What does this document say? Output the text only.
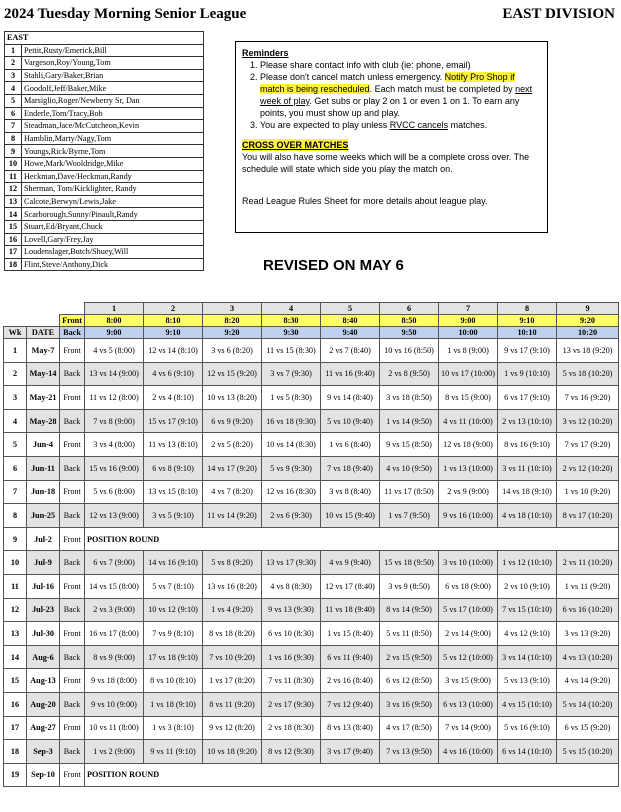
2024 Tuesday Morning Senior League	EAST DIVISION
EAST	
1	Pettit,Rusty/Emerick,Bill
2	Vargeson,Roy/Young,Tom
3	Stahli,Gary/Baker,Brian
4	Goodolf,Jeff/Baker,Mike
5	Marsiglio,Roger/Newberry Sr, Dan
6	Enderle,Tom/Tracy,Bob
7	Steadman,Jace/McCutcheon,Kevin
8	Hamblin,Marty/Nagy,Tom
9	Youngs,Rick/Byrne,Tom
10	Howe,Mark/Wooldridge,Mike
11	Heckman,Dave/Heckman,Randy
12	Sherman, Tom/Kicklighter, Randy
13	Calcote,Berwyn/Lewis,Jake
14	Scarborough,Sunny/Pinault,Randy
15	Stuart,Ed/Bryant,Chuck
16	Lovell,Gary/Frey,Jay
17	Loudenslager,Butch/Shuey,Will
18	Flint,Steve/Anthony,Dick
Reminders
1. Please share contact info with club (ie: phone, email)
2. Please don't cancel match unless emergency. Notify Pro Shop if match is being rescheduled. Each match must be completed by next week of play. Get subs or play 2 on 1 or even 1 on 1. To earn any points, you must show up and play.
3. You are expected to play unless RVCC cancels matches.
CROSS OVER MATCHES
You will also have some weeks which will be a complete cross over. The schedule will state which side you play the match on.
Read League Rules Sheet for more details about league play.
REVISED ON MAY 6
			1	2	3	4	5	6	7	8	9
		Front	8:00	8:10	8:20	8:30	8:40	8:50	9:00	9:10	9:20
Wk	DATE	Back	9:00	9:10	9:20	9:30	9:40	9:50	10:00	10:10	10:20
1	May-7	Front	4 vs 5 (8:00)	12 vs 14 (8:10)	3 vs 6 (8:20)	11 vs 15 (8:30)	2 vs 7 (8:40)	10 vs 16 (8:50)	1 vs 8 (9:00)	9 vs 17 (9:10)	13 vs 18 (9:20)
2	May-14	Back	13 vs 14 (9:00)	4 vs 6 (9:10)	12 vs 15 (9:20)	3 vs 7 (9:30)	11 vs 16 (9:40)	2 vs 8 (9:50)	10 vs 17 (10:00)	1 vs 9 (10:10)	5 vs 18 (10:20)
3	May-21	Front	11 vs 12 (8:00)	2 vs 4 (8:10)	10 vs 13 (8:20)	1 vs 5 (8:30)	9 vs 14 (8:40)	3 vs 18 (8:50)	8 vs 15 (9:00)	6 vs 17 (9:10)	7 vs 16 (9:20)
4	May-28	Back	7 vs 8 (9:00)	15 vs 17 (9:10)	6 vs 9 (9:20)	16 vs 18 (9:30)	5 vs 10 (9:40)	1 vs 14 (9:50)	4 vs 11 (10:00)	2 vs 13 (10:10)	3 vs 12 (10:20)
5	Jun-4	Front	3 vs 4 (8:00)	11 vs 13 (8:10)	2 vs 5 (8:20)	10 vs 14 (8:30)	1 vs 6 (8:40)	9 vs 15 (8:50)	12 vs 18 (9:00)	8 vs 16 (9:10)	7 vs 17 (9:20)
6	Jun-11	Back	15 vs 16 (9:00)	6 vs 8 (9:10)	14 vs 17 (9:20)	5 vs 9 (9:30)	7 vs 18 (9:40)	4 vs 10 (9:50)	1 vs 13 (10:00)	3 vs 11 (10:10)	2 vs 12 (10:20)
7	Jun-18	Front	5 vs 6 (8:00)	13 vs 15 (8:10)	4 vs 7 (8:20)	12 vs 16 (8:30)	3 vs 8 (8:40)	11 vs 17 (8:50)	2 vs 9 (9:00)	14 vs 18 (9:10)	1 vs 10 (9:20)
8	Jun-25	Back	12 vs 13 (9:00)	3 vs 5 (9:10)	11 vs 14 (9:20)	2 vs 6 (9:30)	10 vs 15 (9:40)	1 vs 7 (9:50)	9 vs 16 (10:00)	4 vs 18 (10:10)	8 vs 17 (10:20)
9	Jul-2	Front	POSITION ROUND								
10	Jul-9	Back	6 vs 7 (9:00)	14 vs 16 (9:10)	5 vs 8 (9:20)	13 vs 17 (9:30)	4 vs 9 (9:40)	15 vs 18 (9:50)	3 vs 10 (10:00)	1 vs 12 (10:10)	2 vs 11 (10:20)
11	Jul-16	Front	14 vs 15 (8:00)	5 vs 7 (8:10)	13 vs 16 (8:20)	4 vs 8 (8:30)	12 vs 17 (8:40)	3 vs 9 (8:50)	6 vs 18 (9:00)	2 vs 10 (9:10)	1 vs 11 (9:20)
12	Jul-23	Back	2 vs 3 (9:00)	10 vs 12 (9:10)	1 vs 4 (9:20)	9 vs 13 (9:30)	11 vs 18 (9:40)	8 vs 14 (9:50)	5 vs 17 (10:00)	7 vs 15 (10:10)	6 vs 16 (10:20)
13	Jul-30	Front	16 vs 17 (8:00)	7 vs 9 (8:10)	8 vs 18 (8:20)	6 vs 10 (8:30)	1 vs 15 (8:40)	5 vs 11 (8:50)	2 vs 14 (9:00)	4 vs 12 (9:10)	3 vs 13 (9:20)
14	Aug-6	Back	8 vs 9 (9:00)	17 vs 18 (9:10)	7 vs 10 (9:20)	1 vs 16 (9:30)	6 vs 11 (9:40)	2 vs 15 (9:50)	5 vs 12 (10:00)	3 vs 14 (10:10)	4 vs 13 (10:20)
15	Aug-13	Front	9 vs 18 (8:00)	8 vs 10 (8:10)	1 vs 17 (8:20)	7 vs 11 (8:30)	2 vs 16 (8:40)	6 vs 12 (8:50)	3 vs 15 (9:00)	5 vs 13 (9:10)	4 vs 14 (9:20)
16	Aug-20	Back	9 vs 10 (9:00)	1 vs 18 (9:10)	8 vs 11 (9:20)	2 vs 17 (9:30)	7 vs 12 (9:40)	3 vs 16 (9:50)	6 vs 13 (10:00)	4 vs 15 (10:10)	5 vs 14 (10:20)
17	Aug-27	Front	10 vs 11 (8:00)	1 vs 3 (8:10)	9 vs 12 (8:20)	2 vs 18 (8:30)	8 vs 13 (8:40)	4 vs 17 (8:50)	7 vs 14 (9:00)	5 vs 16 (9:10)	6 vs 15 (9:20)
18	Sep-3	Back	1 vs 2 (9:00)	9 vs 11 (9:10)	10 vs 18 (9:20)	8 vs 12 (9:30)	3 vs 17 (9:40)	7 vs 13 (9:50)	4 vs 16 (10:00)	6 vs 14 (10:10)	5 vs 15 (10:20)
19	Sep-10	Front	POSITION ROUND								
